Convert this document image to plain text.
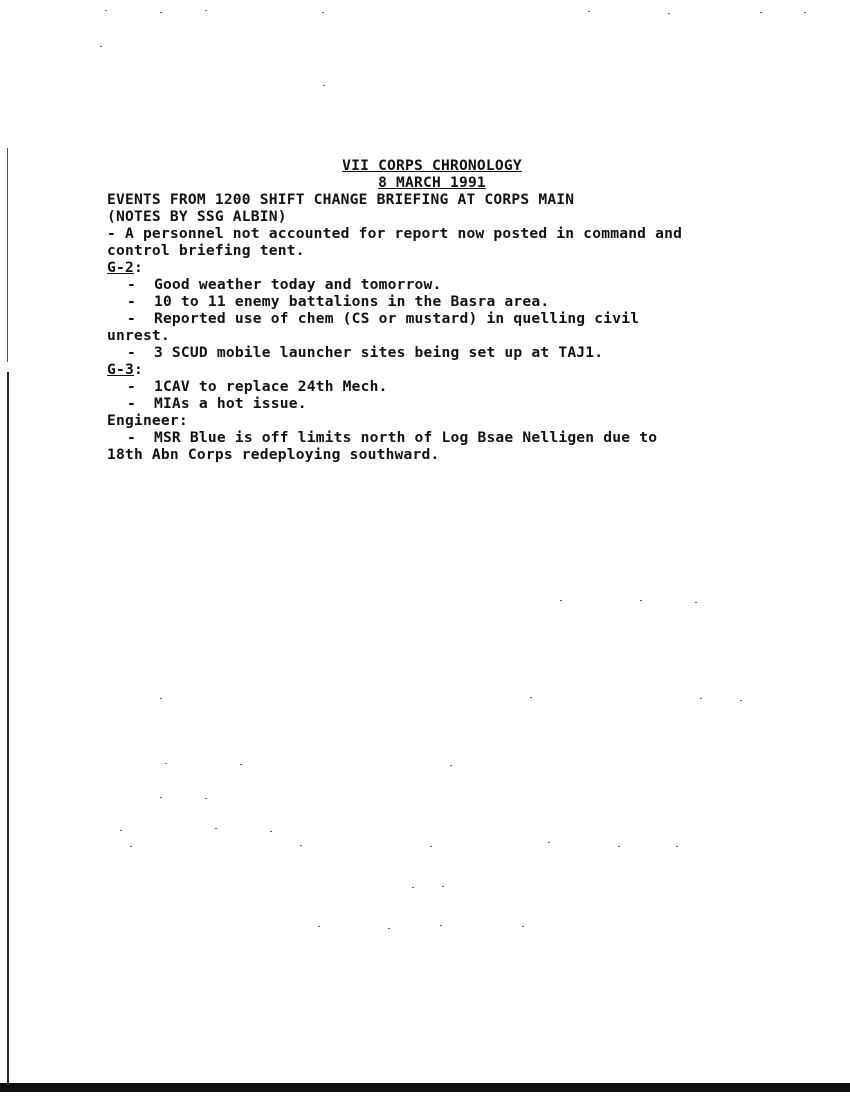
VII CORPS CHRONOLOGY

8 MARCH 1991

EVENTS FROM 1200 SHIFT CHANGE BRIEFING AT CORPS MAIN

(NOTES BY SSG ALBIN)

- A personnel not accounted for report now posted in command and
control briefing tent.

G-2:

-  Good weather today and tomorrow.

-  10 to 11 enemy battalions in the Basra area.

-  Reported use of chem (CS or mustard) in quelling civil

unrest.

-  3 SCUD mobile launcher sites being set up at TAJ1.

G-3:

-  1CAV to replace 24th Mech.

-  MIAs a hot issue.

Engineer:

-  MSR Blue is off limits north of Log Bsae Nelligen due to

18th Abn Corps redeploying southward.
